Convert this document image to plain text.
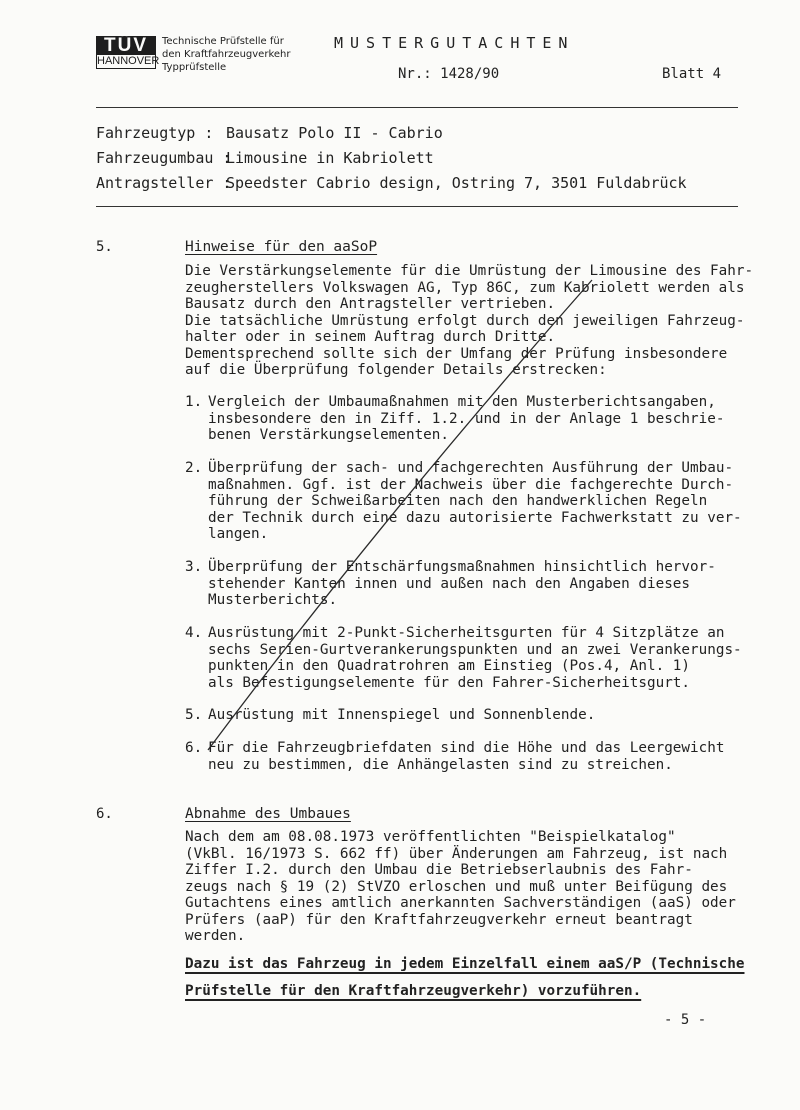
TÜV
HANNOVER
Technische Prüfstelle für
den Kraftfahrzeugverkehr
Typprüfstelle
MUSTERGUTACHTEN
Nr.: 1428/90	Blatt 4
Fahrzeugtyp : Bausatz Polo II - Cabrio
Fahrzeugumbau :
Limousine in Kabriolett
Antragsteller :
Speedster Cabrio design, Ostring 7, 3501 Fuldabrück
5.	Hinweise für den aaSoP
Die Verstärkungselemente für die Umrüstung der Limousine des Fahr-
zeugherstellers Volkswagen AG, Typ 86C, zum Kabriolett werden als
Bausatz durch den Antragsteller vertrieben.
Die tatsächliche Umrüstung erfolgt durch den jeweiligen Fahrzeug-
halter oder in seinem Auftrag durch Dritte.
Dementsprechend sollte sich der Umfang der Prüfung insbesondere
auf die Überprüfung folgender Details erstrecken:
1. Vergleich der Umbaumaßnahmen mit den Musterberichtsangaben,
insbesondere den in Ziff. 1.2. und in der Anlage 1 beschrie-
benen Verstärkungselementen.
2. Überprüfung der sach- und fachgerechten Ausführung der Umbau-
maßnahmen. Ggf. ist der Nachweis über die fachgerechte Durch-
führung der Schweißarbeiten nach den handwerklichen Regeln
der Technik durch eine dazu autorisierte Fachwerkstatt zu ver-
langen.
3. Überprüfung der Entschärfungsmaßnahmen hinsichtlich hervor-
stehender Kanten innen und außen nach den Angaben dieses
Musterberichts.
4. Ausrüstung mit 2-Punkt-Sicherheitsgurten für 4 Sitzplätze an
sechs Serien-Gurtverankerungspunkten und an zwei Verankerungs-
punkten in den Quadratrohren am Einstieg (Pos.4, Anl. 1)
als Befestigungselemente für den Fahrer-Sicherheitsgurt.
5. Ausrüstung mit Innenspiegel und Sonnenblende.
6. Für die Fahrzeugbriefdaten sind die Höhe und das Leergewicht
neu zu bestimmen, die Anhängelasten sind zu streichen.
6.	Abnahme des Umbaues
Nach dem am 08.08.1973 veröffentlichten "Beispielkatalog"
(VkBl. 16/1973 S. 662 ff) über Änderungen am Fahrzeug, ist nach
Ziffer I.2. durch den Umbau die Betriebserlaubnis des Fahr-
zeugs nach § 19 (2) StVZO erloschen und muß unter Beifügung des
Gutachtens eines amtlich anerkannten Sachverständigen (aaS) oder
Prüfers (aaP) für den Kraftfahrzeugverkehr erneut beantragt
werden.
Dazu ist das Fahrzeug in jedem Einzelfall einem aaS/P (Technische
Prüfstelle für den Kraftfahrzeugverkehr) vorzuführen.
- 5 -
